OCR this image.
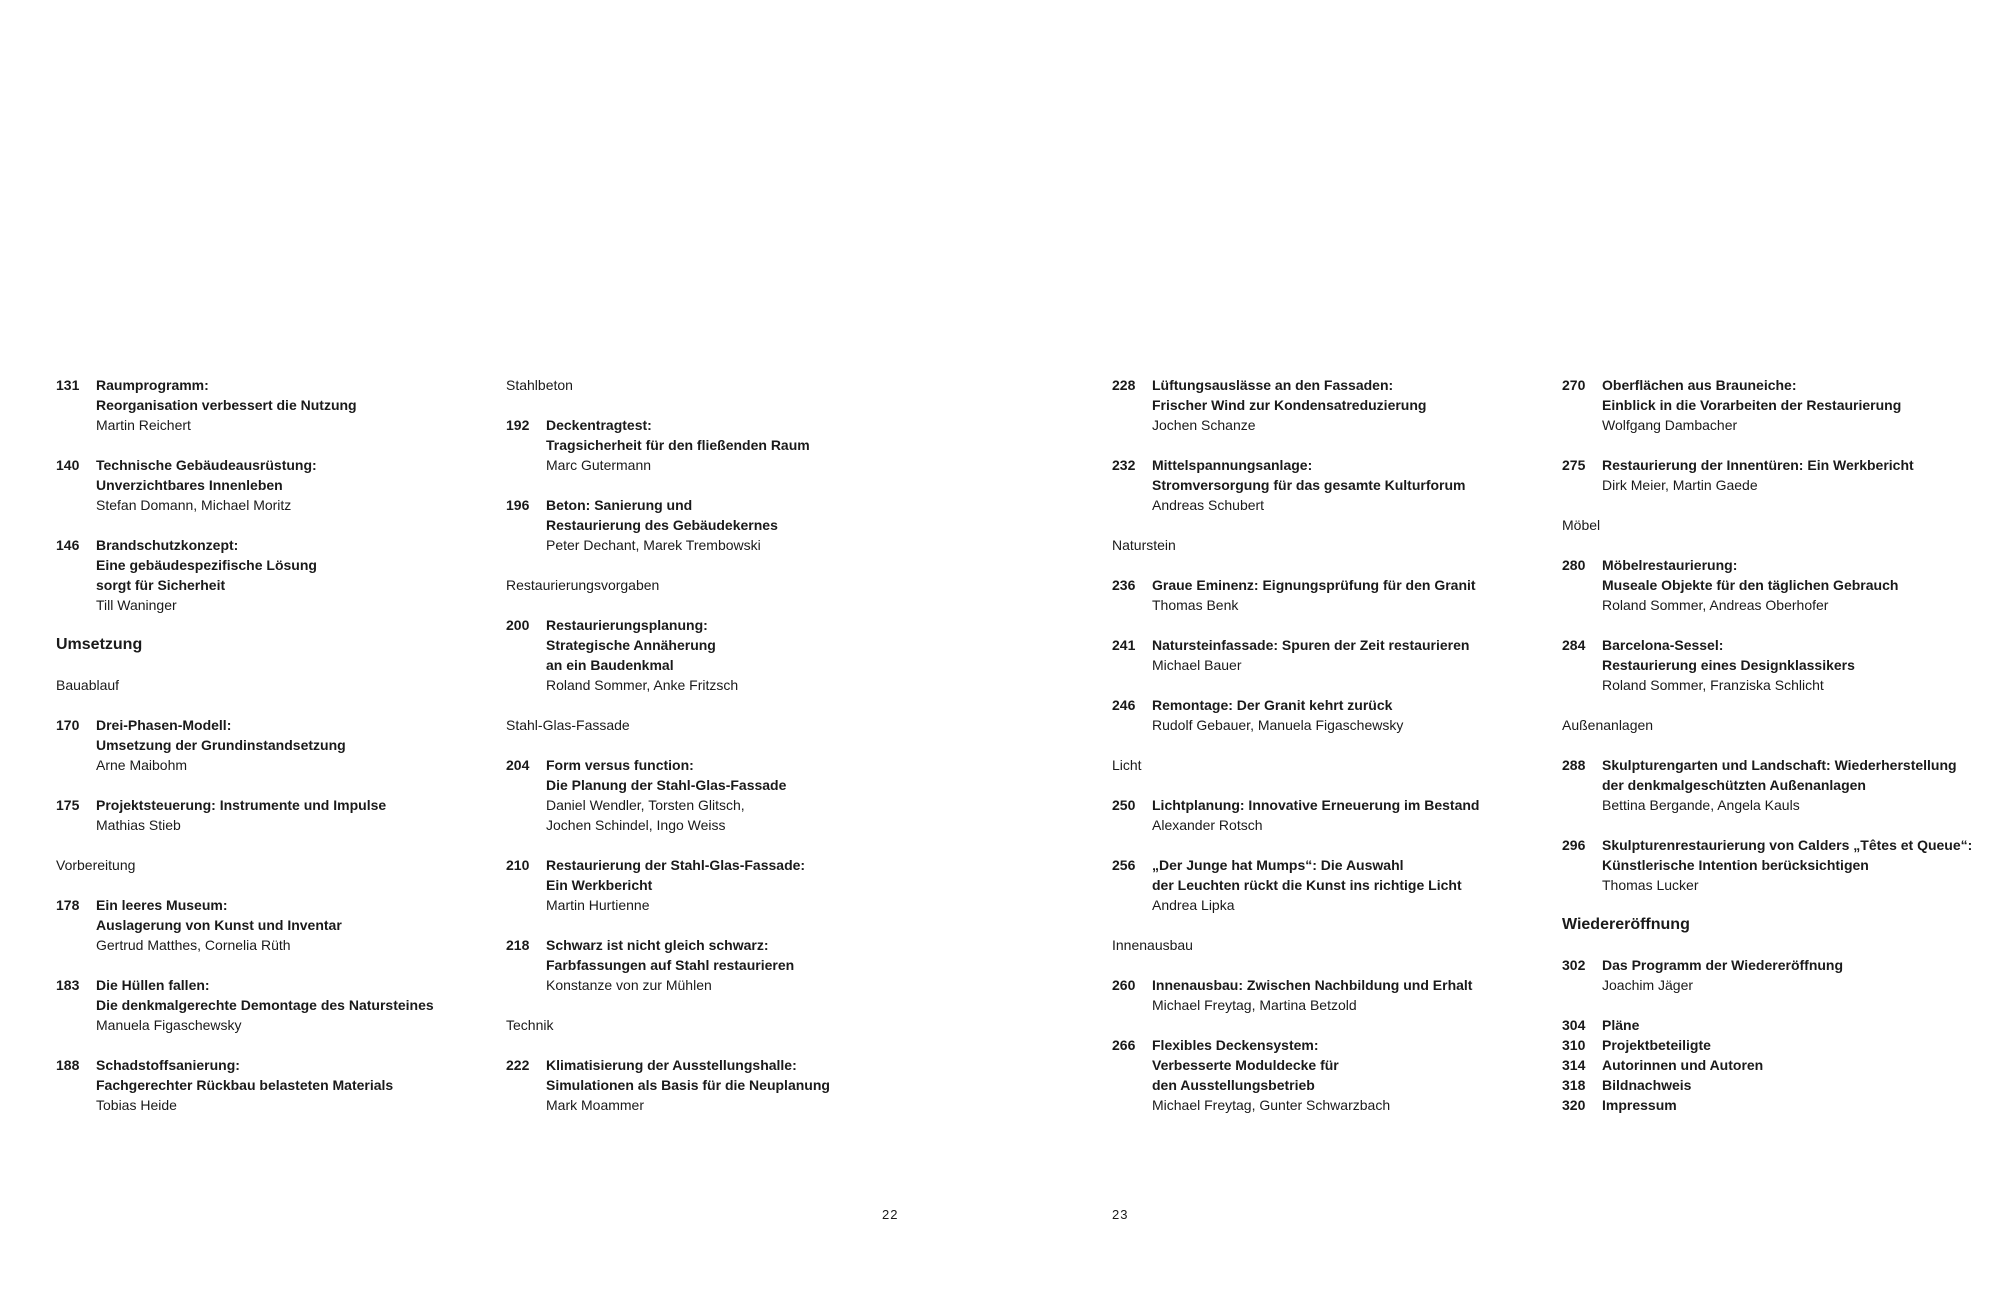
131	Raumprogramm:
Reorganisation verbessert die Nutzung
Martin Reichert
140	Technische Gebäudeausrüstung:
Unverzichtbares Innenleben
Stefan Domann, Michael Moritz
146	Brandschutzkonzept:
Eine gebäudespezifische Lösung
sorgt für Sicherheit
Till Waninger
Umsetzung
Bauablauf
170	Drei-Phasen-Modell:
Umsetzung der Grundinstandsetzung
Arne Maibohm
175	Projektsteuerung: Instrumente und Impulse
Mathias Stieb
Vorbereitung
178	Ein leeres Museum:
Auslagerung von Kunst und Inventar
Gertrud Matthes, Cornelia Rüth
183	Die Hüllen fallen:
Die denkmalgerechte Demontage des Natursteines
Manuela Figaschewsky
188	Schadstoffsanierung:
Fachgerechter Rückbau belasteten Materials
Tobias Heide
Stahlbeton
192	Deckentragtest:
Tragsicherheit für den fließenden Raum
Marc Gutermann
196	Beton: Sanierung und
Restaurierung des Gebäudekernes
Peter Dechant, Marek Trembowski
Restaurierungsvorgaben
200	Restaurierungsplanung:
Strategische Annäherung
an ein Baudenkmal
Roland Sommer, Anke Fritzsch
Stahl-Glas-Fassade
204	Form versus function:
Die Planung der Stahl-Glas-Fassade
Daniel Wendler, Torsten Glitsch,
Jochen Schindel, Ingo Weiss
210	Restaurierung der Stahl-Glas-Fassade:
Ein Werkbericht
Martin Hurtienne
218	Schwarz ist nicht gleich schwarz:
Farbfassungen auf Stahl restaurieren
Konstanze von zur Mühlen
Technik
222	Klimatisierung der Ausstellungshalle:
Simulationen als Basis für die Neuplanung
Mark Moammer
228	Lüftungsauslässe an den Fassaden:
Frischer Wind zur Kondensatreduzierung
Jochen Schanze
232	Mittelspannungsanlage:
Stromversorgung für das gesamte Kulturforum
Andreas Schubert
Naturstein
236	Graue Eminenz: Eignungsprüfung für den Granit
Thomas Benk
241	Natursteinfassade: Spuren der Zeit restaurieren
Michael Bauer
246	Remontage: Der Granit kehrt zurück
Rudolf Gebauer, Manuela Figaschewsky
Licht
250	Lichtplanung: Innovative Erneuerung im Bestand
Alexander Rotsch
256	„Der Junge hat Mumps“: Die Auswahl
der Leuchten rückt die Kunst ins richtige Licht
Andrea Lipka
Innenausbau
260	Innenausbau: Zwischen Nachbildung und Erhalt
Michael Freytag, Martina Betzold
266	Flexibles Deckensystem:
Verbesserte Moduldecke für
den Ausstellungsbetrieb
Michael Freytag, Gunter Schwarzbach
270	Oberflächen aus Brauneiche:
Einblick in die Vorarbeiten der Restaurierung
Wolfgang Dambacher
275	Restaurierung der Innentüren: Ein Werkbericht
Dirk Meier, Martin Gaede
Möbel
280	Möbelrestaurierung:
Museale Objekte für den täglichen Gebrauch
Roland Sommer, Andreas Oberhofer
284	Barcelona-Sessel:
Restaurierung eines Designklassikers
Roland Sommer, Franziska Schlicht
Außenanlagen
288	Skulpturengarten und Landschaft: Wiederherstellung
der denkmalgeschützten Außenanlagen
Bettina Bergande, Angela Kauls
296	Skulpturenrestaurierung von Calders „Têtes et Queue“:
Künstlerische Intention berücksichtigen
Thomas Lucker
Wiedereröffnung
302	Das Programm der Wiedereröffnung
Joachim Jäger
304	Pläne
310	Projektbeteiligte
314	Autorinnen und Autoren
318	Bildnachweis
320	Impressum
22	23
